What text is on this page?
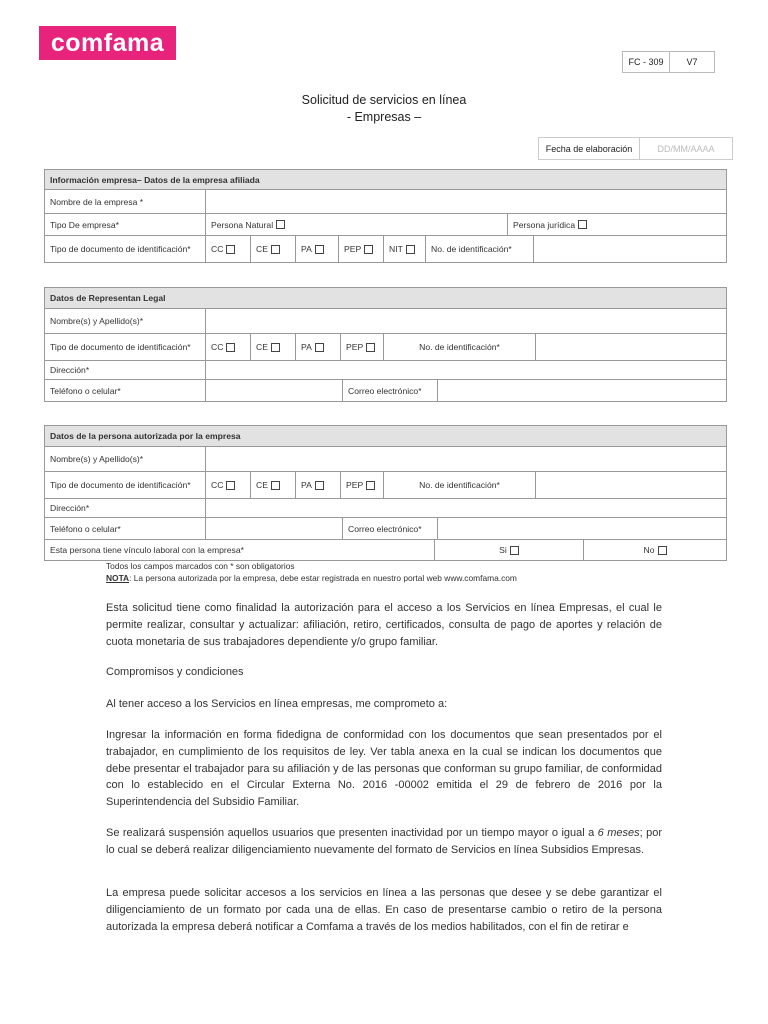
comfama
FC - 309	V7
Solicitud de servicios en línea
- Empresas –
Fecha de elaboración
DD/MM/AAAA
Información empresa– Datos de la empresa afiliada
Nombre de la empresa *
Tipo De empresa*	Persona Natural	Persona jurídica
Tipo de documento de identificación*	CC	CE	PA	PEP	NIT	No. de identificación*
Datos de Representan Legal
Nombre(s) y Apellido(s)*
Tipo de documento de identificación*	CC	CE	PA	PEP	No. de identificación*
Dirección*
Teléfono o celular*	Correo electrónico*
Datos de la persona autorizada por la empresa
Nombre(s) y Apellido(s)*
Tipo de documento de identificación*	CC	CE	PA	PEP	No. de identificación*
Dirección*
Teléfono o celular*	Correo electrónico*
Esta persona tiene vínculo laboral con la empresa*	Si	No
Todos los campos marcados con * son obligatorios
NOTA: La persona autorizada por la empresa, debe estar registrada en nuestro portal web www.comfama.com
Esta solicitud tiene como finalidad la autorización para el acceso a los Servicios en línea Empresas, el cual le permite realizar, consultar y actualizar: afiliación, retiro, certificados, consulta de pago de aportes y relación de cuota monetaria de sus trabajadores dependiente y/o grupo familiar.
Compromisos y condiciones
Al tener acceso a los Servicios en línea empresas, me comprometo a:
Ingresar la información en forma fidedigna de conformidad con los documentos que sean presentados por el trabajador, en cumplimiento de los requisitos de ley. Ver tabla anexa en la cual se indican los documentos que debe presentar el trabajador para su afiliación y de las personas que conforman su grupo familiar, de conformidad con lo establecido en el Circular Externa No. 2016 -00002 emitida el 29 de febrero de 2016 por la Superintendencia del Subsidio Familiar.
Se realizará suspensión aquellos usuarios que presenten inactividad por un tiempo mayor o igual a 6 meses; por lo cual se deberá realizar diligenciamiento nuevamente del formato de Servicios en línea Subsidios Empresas.
La empresa puede solicitar accesos a los servicios en línea a las personas que desee y se debe garantizar el diligenciamiento de un formato por cada una de ellas. En caso de presentarse cambio o retiro de la persona autorizada la empresa deberá notificar a Comfama a través de los medios habilitados, con el fin de retirar e
